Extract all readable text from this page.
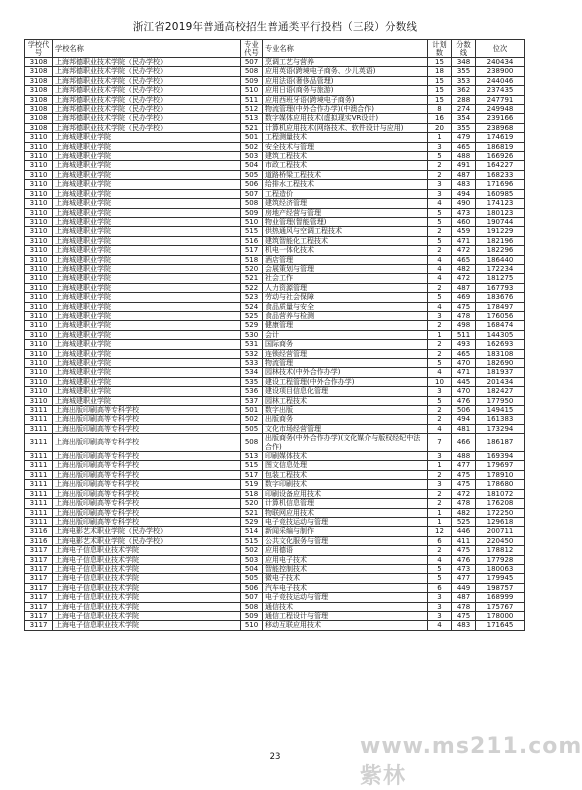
浙江省2019年普通高校招生普通类平行投档（三段）分数线
学校代号	学校名称	专业代号	专业名称	计划数	分数线	位次
3108	上海邦德职业技术学院（民办学校）	507	烹调工艺与营养	15	348	240434
3108	上海邦德职业技术学院（民办学校）	508	应用英语(跨境电子商务、少儿英语)	18	355	238900
3108	上海邦德职业技术学院（民办学校）	509	应用法语(奢侈品管理)	15	353	244046
3108	上海邦德职业技术学院（民办学校）	510	应用日语(商务与旅游)	15	362	237435
3108	上海邦德职业技术学院（民办学校）	511	应用西班牙语(跨境电子商务)	15	288	247791
3108	上海邦德职业技术学院（民办学校）	512	物流管理(中外合作办学)(中澳合作)	8	274	249948
3108	上海邦德职业技术学院（民办学校）	513	数字媒体应用技术(虚拟现实VR设计)	16	354	239166
3108	上海邦德职业技术学院（民办学校）	521	计算机应用技术(网络技术、软件设计与应用)	20	355	238968
3110	上海城建职业学院	501	工程测量技术	1	479	174619
3110	上海城建职业学院	502	安全技术与管理	3	465	186819
3110	上海城建职业学院	503	建筑工程技术	5	488	166926
3110	上海城建职业学院	504	市政工程技术	2	491	164227
3110	上海城建职业学院	505	道路桥梁工程技术	2	487	168233
3110	上海城建职业学院	506	给排水工程技术	3	483	171696
3110	上海城建职业学院	507	工程造价	3	494	160985
3110	上海城建职业学院	508	建筑经济管理	4	490	174123
3110	上海城建职业学院	509	房地产经营与管理	5	473	180123
3110	上海城建职业学院	510	物业管理(智能管理)	5	460	190744
3110	上海城建职业学院	515	供热通风与空调工程技术	2	459	191229
3110	上海城建职业学院	516	建筑智能化工程技术	5	471	182196
3110	上海城建职业学院	517	机电一体化技术	2	472	182296
3110	上海城建职业学院	518	酒店管理	4	465	186440
3110	上海城建职业学院	520	会展策划与管理	4	482	172234
3110	上海城建职业学院	521	社会工作	4	472	181275
3110	上海城建职业学院	522	人力资源管理	2	487	167793
3110	上海城建职业学院	523	劳动与社会保障	5	469	183676
3110	上海城建职业学院	524	食品质量与安全	4	475	178497
3110	上海城建职业学院	525	食品营养与检测	3	478	176056
3110	上海城建职业学院	529	健康管理	2	498	168474
3110	上海城建职业学院	530	会计	1	511	144305
3110	上海城建职业学院	531	国际商务	2	493	162693
3110	上海城建职业学院	532	连锁经营管理	2	465	183108
3110	上海城建职业学院	533	物流管理	5	470	182690
3110	上海城建职业学院	534	园林技术(中外合作办学)	4	471	181937
3110	上海城建职业学院	535	建设工程管理(中外合作办学)	10	445	201434
3110	上海城建职业学院	536	建设项目信息化管理	3	470	182427
3110	上海城建职业学院	537	园林工程技术	5	476	177950
3111	上海出版印刷高等专科学校	501	数字出版	2	506	149415
3111	上海出版印刷高等专科学校	502	出版商务	2	494	161383
3111	上海出版印刷高等专科学校	505	文化市场经营管理	4	481	173294
3111	上海出版印刷高等专科学校	508	出版商务(中外合作办学)(文化媒介与版权经纪中法合作)	7	466	186187
3111	上海出版印刷高等专科学校	513	印刷媒体技术	3	488	169394
3111	上海出版印刷高等专科学校	515	图文信息处理	1	477	179697
3111	上海出版印刷高等专科学校	517	包装工程技术	2	475	178910
3111	上海出版印刷高等专科学校	519	数字印刷技术	3	475	178680
3111	上海出版印刷高等专科学校	518	印刷设备应用技术	2	472	181072
3111	上海出版印刷高等专科学校	520	计算机信息管理	2	478	176208
3111	上海出版印刷高等专科学校	521	物联网应用技术	1	482	172250
3111	上海出版印刷高等专科学校	529	电子竞技运动与管理	1	525	129618
3116	上海电影艺术职业学院（民办学校）	514	新闻采编与制作	12	446	200711
3116	上海电影艺术职业学院（民办学校）	515	公共文化服务与管理	6	411	220450
3117	上海电子信息职业技术学院	502	应用德语	2	475	178812
3117	上海电子信息职业技术学院	503	应用电子技术	4	476	177928
3117	上海电子信息职业技术学院	504	智能控制技术	5	473	180063
3117	上海电子信息职业技术学院	505	微电子技术	5	477	179945
3117	上海电子信息职业技术学院	506	汽车电子技术	6	449	198757
3117	上海电子信息职业技术学院	507	电子竞技运动与管理	3	487	168999
3117	上海电子信息职业技术学院	508	通信技术	3	478	175767
3117	上海电子信息职业技术学院	509	通信工程设计与管理	3	475	178000
3117	上海电子信息职业技术学院	510	移动互联应用技术	4	483	171645
www.ms211.com 紫林
23
